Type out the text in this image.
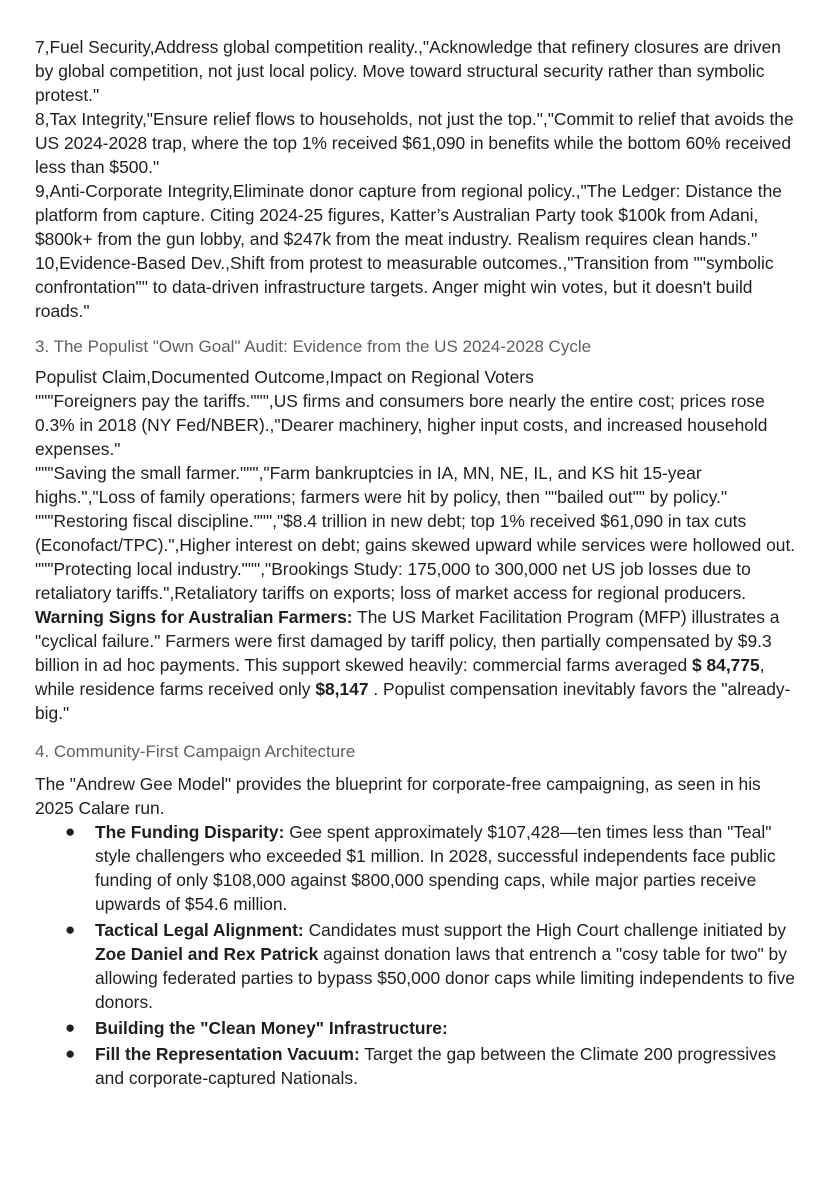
7,Fuel Security,Address global competition reality.,"Acknowledge that refinery closures are driven by global competition, not just local policy. Move toward structural security rather than symbolic protest."

8,Tax Integrity,"Ensure relief flows to households, not just the top.","Commit to relief that avoids the US 2024-2028 trap, where the top 1% received $61,090 in benefits while the bottom 60% received less than $500."

9,Anti-Corporate Integrity,Eliminate donor capture from regional policy.,"The Ledger: Distance the platform from capture. Citing 2024-25 figures, Katter’s Australian Party took $100k from Adani, $800k+ from the gun lobby, and $247k from the meat industry. Realism requires clean hands."

10,Evidence-Based Dev.,Shift from protest to measurable outcomes.,"Transition from ""symbolic confrontation"" to data-driven infrastructure targets. Anger might win votes, but it doesn't build roads."

3. The Populist "Own Goal" Audit: Evidence from the US 2024-2028 Cycle

Populist Claim,Documented Outcome,Impact on Regional Voters

"""Foreigners pay the tariffs.""",US firms and consumers bore nearly the entire cost; prices rose 0.3% in 2018 (NY Fed/NBER).,"Dearer machinery, higher input costs, and increased household expenses."

"""Saving the small farmer.""","Farm bankruptcies in IA, MN, NE, IL, and KS hit 15-year highs.","Loss of family operations; farmers were hit by policy, then ""bailed out"" by policy."

"""Restoring fiscal discipline.""","$8.4 trillion in new debt; top 1% received $61,090 in tax cuts (Econofact/TPC).",Higher interest on debt; gains skewed upward while services were hollowed out.

"""Protecting local industry.""","Brookings Study: 175,000 to 300,000 net US job losses due to retaliatory tariffs.",Retaliatory tariffs on exports; loss of market access for regional producers.

Warning Signs for Australian Farmers: The US Market Facilitation Program (MFP) illustrates a "cyclical failure." Farmers were first damaged by tariff policy, then partially compensated by $9.3 billion in ad hoc payments. This support skewed heavily: commercial farms averaged $ 84,775, while residence farms received only $8,147 . Populist compensation inevitably favors the "already-big."

4. Community-First Campaign Architecture

The "Andrew Gee Model" provides the blueprint for corporate-free campaigning, as seen in his 2025 Calare run.

● The Funding Disparity: Gee spent approximately $107,428—ten times less than "Teal" style challengers who exceeded $1 million. In 2028, successful independents face public funding of only $108,000 against $800,000 spending caps, while major parties receive upwards of $54.6 million.
● Tactical Legal Alignment: Candidates must support the High Court challenge initiated by Zoe Daniel and Rex Patrick against donation laws that entrench a "cosy table for two" by allowing federated parties to bypass $50,000 donor caps while limiting independents to five donors.
● Building the "Clean Money" Infrastructure:
● Fill the Representation Vacuum: Target the gap between the Climate 200 progressives and corporate-captured Nationals.
